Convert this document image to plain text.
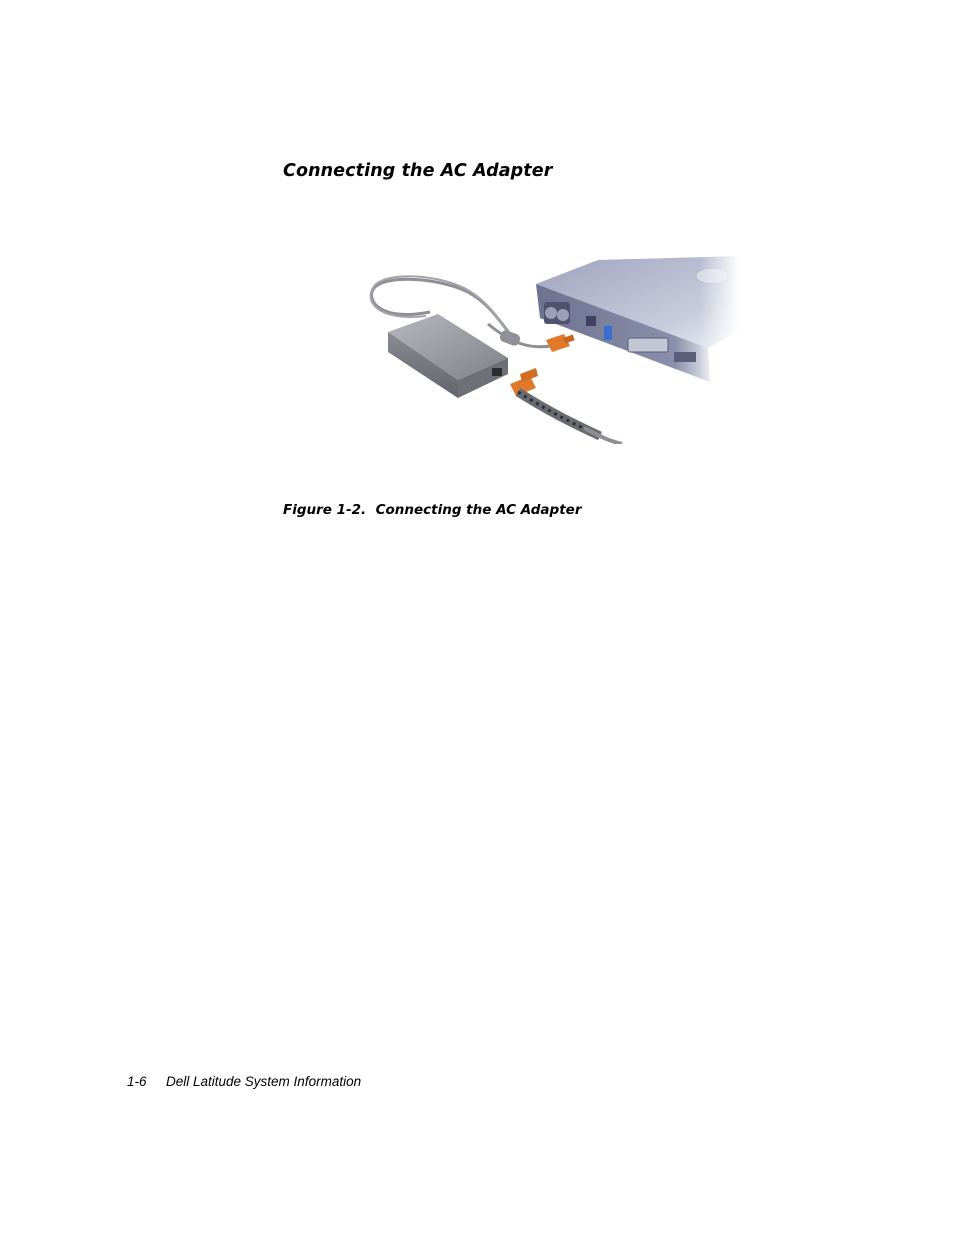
Connecting the AC Adapter

Figure 1-2. Connecting the AC Adapter

1-6 Dell Latitude System Information
